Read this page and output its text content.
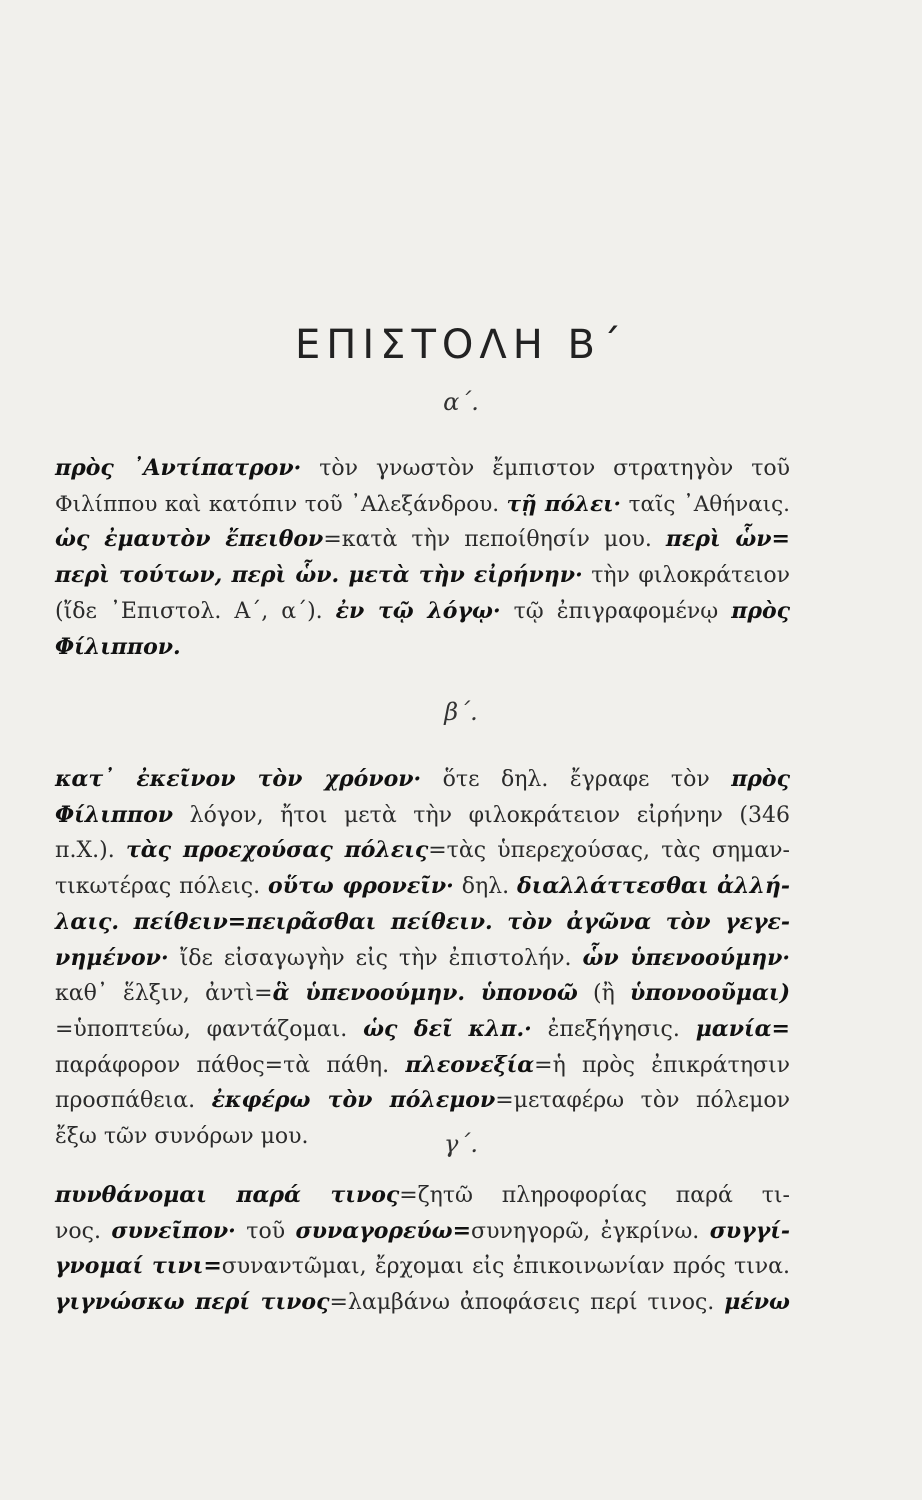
ΕΠΙΣΤΟΛΗ Β΄
α΄.
πρὸς ᾿Αντίπατρον· τὸν γνωστὸν ἔμπιστον στρατηγὸν τοῦ
Φιλίππου καὶ κατόπιν τοῦ ᾿Αλεξάνδρου. τῇ πόλει· ταῖς ᾿Αθήναις.
ὡς ἐμαυτὸν ἔπειθον=κατὰ τὴν πεποίθησίν μου. περὶ ὧν=
περὶ τούτων, περὶ ὧν. μετὰ τὴν εἰρήνην· τὴν φιλοκράτειον
(ἴδε ᾿Επιστολ. Α΄, α΄). ἐν τῷ λόγῳ· τῷ ἐπιγραφομένῳ πρὸς
Φίλιππον.
β΄.
κατ᾿ ἐκεῖνον τὸν χρόνον· ὅτε δηλ. ἔγραφε τὸν πρὸς
Φίλιππον λόγον, ἤτοι μετὰ τὴν φιλοκράτειον εἰρήνην (346
π.Χ.). τὰς προεχούσας πόλεις=τὰς ὑπερεχούσας, τὰς σημαν-
τικωτέρας πόλεις. οὕτω φρονεῖν· δηλ. διαλλάττεσθαι ἀλλή-
λαις. πείθειν=πειρᾶσθαι πείθειν. τὸν ἀγῶνα τὸν γεγε-
νημένον· ἴδε εἰσαγωγὴν εἰς τὴν ἐπιστολήν. ὧν ὑπενοούμην·
καθ᾿ ἕλξιν, ἀντὶ=ἃ ὑπενοούμην. ὑπονοῶ (ἢ ὑπονοοῦμαι)
=ὑποπτεύω, φαντάζομαι. ὡς δεῖ κλπ.· ἐπεξήγησις. μανία=
παράφορον πάθος=τὰ πάθη. πλεονεξία=ἡ πρὸς ἐπικράτησιν
προσπάθεια. ἐκφέρω τὸν πόλεμον=μεταφέρω τὸν πόλεμον
ἔξω τῶν συνόρων μου.	γ΄.
πυνθάνομαι παρά τινος=ζητῶ πληροφορίας παρά τι-
νος. συνεῖπον· τοῦ συναγορεύω=συνηγορῶ, ἐγκρίνω. συγγί-
γνομαί τινι=συναντῶμαι, ἔρχομαι εἰς ἐπικοινωνίαν πρός τινα.
γιγνώσκω περί τινος=λαμβάνω ἀποφάσεις περί τινος. μένω
